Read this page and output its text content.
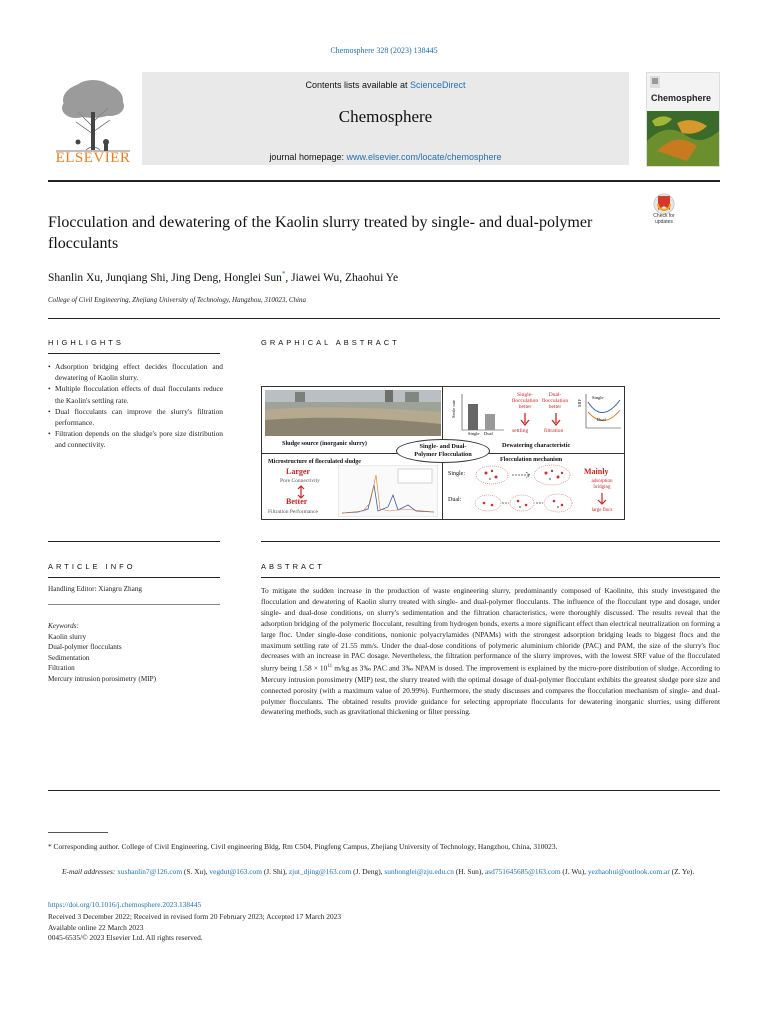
Chemosphere 328 (2023) 138445
ELSEVIER
Contents lists available at ScienceDirect
Chemosphere
journal homepage: www.elsevier.com/locate/chemosphere
Chemosphere
Flocculation and dewatering of the Kaolin slurry treated by single- and dual-polymer flocculants
Check for
updates
Shanlin Xu, Junqiang Shi, Jing Deng, Honglei Sun*, Jiawei Wu, Zhaohui Ye
College of Civil Engineering, Zhejiang University of Technology, Hangzhou, 310023, China
HIGHLIGHTS
• Adsorption bridging effect decides flocculation and dewatering of Kaolin slurry.
• Multiple flocculation effects of dual flocculants reduce the Kaolin's settling rate.
• Dual flocculants can improve the slurry's filtration performance.
• Filtration depends on the sludge's pore size distribution and connectivity.
GRAPHICAL ABSTRACT
Sludge source (inorganic slurry)
Settle rate
Single Dual
Single-
flocculation
better
Dual-
flocculation
better
settling	filtration
SRF
Single
Dual
Dewatering characteristic
Single- and Dual-
Polymer Flocculation
Microstructure of flocculated sludge
Larger
Pore Connectivity
Better
Filtration Performance
Flocculation mechanism
Single:
Dual:
Mainly
adsorption
bridging
large flocs
ARTICLE INFO
Handling Editor: Xiangru Zhang
Keywords:
Kaolin slurry
Dual-polymer flocculants
Sedimentation
Filtration
Mercury intrusion porosimetry (MIP)
ABSTRACT
To mitigate the sudden increase in the production of waste engineering slurry, predominantly composed of Kaolinite, this study investigated the flocculation and dewatering of Kaolin slurry treated with single- and dual-polymer flocculants. The influence of the flocculant type and dosage, under single- and dual-dose conditions, on slurry's sedimentation and the filtration characteristics, were thoroughly discussed. The results reveal that the adsorption bridging of the polymeric flocculant, resulting from hydrogen bonds, exerts a more significant effect than electrical neutralization on forming a large floc. Under single-dose conditions, nonionic polyacrylamides (NPAMs) with the strongest adsorption bridging leads to biggest flocs and the maximum settling rate of 21.55 mm/s. Under the dual-dose conditions of polymeric aluminium chloride (PAC) and PAM, the size of the slurry's floc decreases with an increase in PAC dosage. Nevertheless, the filtration performance of the slurry improves, with the lowest SRF value of the flocculated slurry being $1.58 \times 10^{11}$ m/kg as 3‰ PAC and 3‰ NPAM is dosed. The improvement is explained by the micro-pore distribution of sludge. According to Mercury intrusion porosimetry (MIP) test, the slurry treated with the optimal dosage of dual-polymer flocculant exhibits the greatest sludge pore size and connected porosity (with a maximum value of 20.99%). Furthermore, the study discusses and compares the flocculation mechanism of single- and dual-polymer flocculants. The obtained results provide guidance for selecting appropriate flocculants for dewatering inorganic slurries, using different dewatering methods, such as gravitational thickening or filter pressing.
* Corresponding author. College of Civil Engineering, Civil engineering Bldg, Rm C504, Pingfeng Campus, Zhejiang University of Technology, Hangzhou, China, 310023.
E-mail addresses: xushanlin7@126.com (S. Xu), vegdut@163.com (J. Shi), zjut_djing@163.com (J. Deng), sunhonglei@zju.edu.cn (H. Sun), asd751645685@163.com (J. Wu), yezhaohui@outlook.com.ar (Z. Ye).
https://doi.org/10.1016/j.chemosphere.2023.138445
Received 3 December 2022; Received in revised form 20 February 2023; Accepted 17 March 2023
Available online 22 March 2023
0045-6535/© 2023 Elsevier Ltd. All rights reserved.
